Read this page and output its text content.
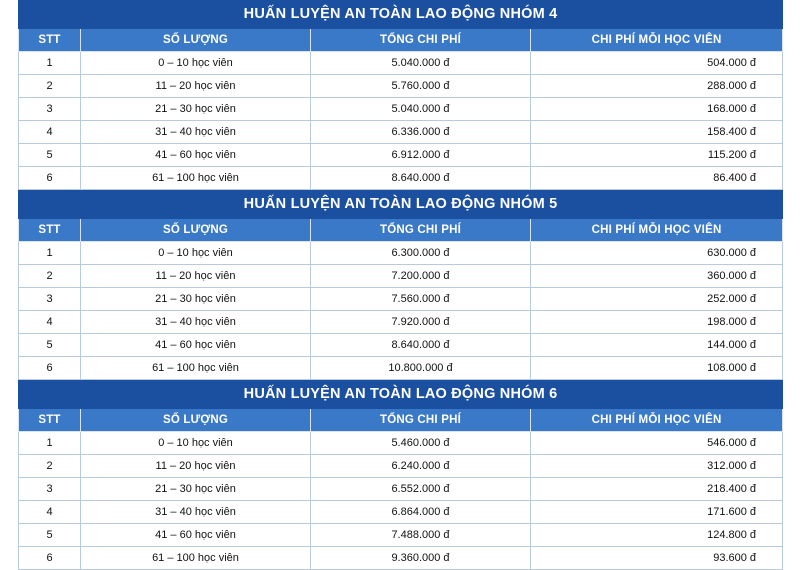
HUẤN LUYỆN AN TOÀN LAO ĐỘNG NHÓM 4			
STT	SỐ LƯỢNG	TỔNG CHI PHÍ	CHI PHÍ MỖI HỌC VIÊN
1	0 – 10 học viên	5.040.000 đ	504.000 đ
2	11 – 20 học viên	5.760.000 đ	288.000 đ
3	21 – 30 học viên	5.040.000 đ	168.000 đ
4	31 – 40 học viên	6.336.000 đ	158.400 đ
5	41 – 60 học viên	6.912.000 đ	115.200 đ
6	61 – 100 học viên	8.640.000 đ	86.400 đ
HUẤN LUYỆN AN TOÀN LAO ĐỘNG NHÓM 5			
STT	SỐ LƯỢNG	TỔNG CHI PHÍ	CHI PHÍ MỖI HỌC VIÊN
1	0 – 10 học viên	6.300.000 đ	630.000 đ
2	11 – 20 học viên	7.200.000 đ	360.000 đ
3	21 – 30 học viên	7.560.000 đ	252.000 đ
4	31 – 40 học viên	7.920.000 đ	198.000 đ
5	41 – 60 học viên	8.640.000 đ	144.000 đ
6	61 – 100 học viên	10.800.000 đ	108.000 đ
HUẤN LUYỆN AN TOÀN LAO ĐỘNG NHÓM 6			
STT	SỐ LƯỢNG	TỔNG CHI PHÍ	CHI PHÍ MỖI HỌC VIÊN
1	0 – 10 học viên	5.460.000 đ	546.000 đ
2	11 – 20 học viên	6.240.000 đ	312.000 đ
3	21 – 30 học viên	6.552.000 đ	218.400 đ
4	31 – 40 học viên	6.864.000 đ	171.600 đ
5	41 – 60 học viên	7.488.000 đ	124.800 đ
6	61 – 100 học viên	9.360.000 đ	93.600 đ
